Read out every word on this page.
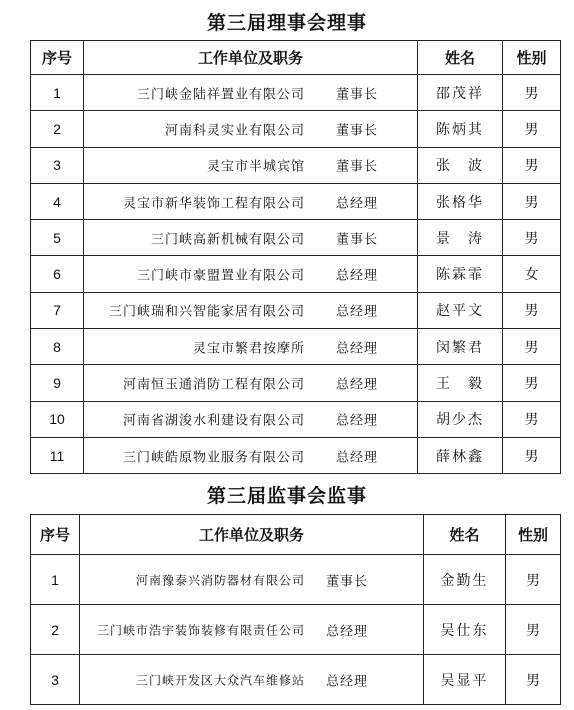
第三届理事会理事
序号	工作单位及职务	姓名	性别
1	三门峡金陆祥置业有限公司 董事长	邵茂祥	男
2	河南科灵实业有限公司 董事长	陈炳其	男
3	灵宝市半城宾馆 董事长	张　波	男
4	灵宝市新华装饰工程有限公司 总经理	张格华	男
5	三门峡高新机械有限公司 董事长	景　涛	男
6	三门峡市豪盟置业有限公司 总经理	陈霖霏	女
7	三门峡瑞和兴智能家居有限公司 总经理	赵平文	男
8	灵宝市繁君按摩所 总经理	闵繁君	男
9	河南恒玉通消防工程有限公司 总经理	王　毅	男
10	河南省湖浚水利建设有限公司 总经理	胡少杰	男
11	三门峡皓原物业服务有限公司 总经理	薛林鑫	男
第三届监事会监事
序号	工作单位及职务	姓名	性别
1	河南豫泰兴消防器材有限公司 董事长	金勤生	男
2	三门峡市浩宇装饰装修有限责任公司 总经理	吴仕东	男
3	三门峡开发区大众汽车维修站 总经理	吴显平	男
